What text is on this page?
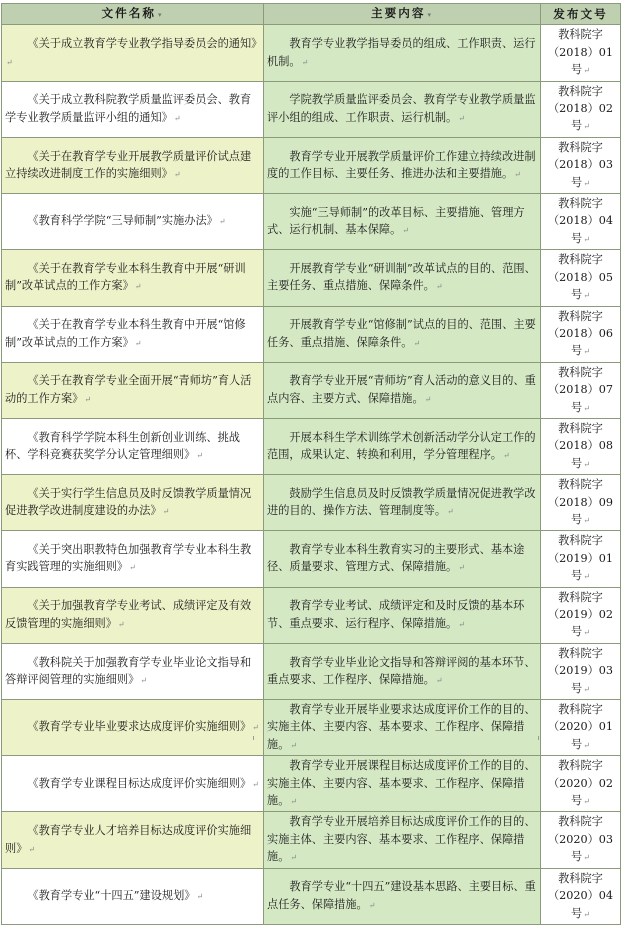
文件名称 ▾	主要内容 ▾	发布文号
《关于成立教育学专业教学指导委员会的通知》↵	教育学专业教学指导委员的组成、工作职责、运行机制。↵	教科院字（2018）01号↵
《关于成立教科院教学质量监评委员会、教育学专业教学质量监评小组的通知》↵	学院教学质量监评委员会、教育学专业教学质量监评小组的组成、工作职责、运行机制。↵	教科院字（2018）02号↵
《关于在教育学专业开展教学质量评价试点建立持续改进制度工作的实施细则》↵	教育学专业开展教学质量评价工作建立持续改进制度的工作目标、主要任务、推进办法和主要措施。↵	教科院字（2018）03号↵
《教育科学学院“三导师制”实施办法》↵	实施“三导师制”的改革目标、主要措施、管理方式、运行机制、基本保障。↵	教科院字（2018）04号↵
《关于在教育学专业本科生教育中开展“研训制”改革试点的工作方案》↵	开展教育学专业“研训制”改革试点的目的、范围、主要任务、重点措施、保障条件。↵	教科院字（2018）05号↵
《关于在教育学专业本科生教育中开展“馆修制”改革试点的工作方案》↵	开展教育学专业“馆修制”试点的目的、范围、主要任务、重点措施、保障条件。↵	教科院字（2018）06号↵
《关于在教育学专业全面开展“青师坊”育人活动的工作方案》↵	教育学专业开展“青师坊”育人活动的意义目的、重点内容、主要方式、保障措施。↵	教科院字（2018）07号↵
《教育科学学院本科生创新创业训练、挑战杯、学科竞赛获奖学分认定管理细则》↵	开展本科生学术训练学术创新活动学分认定工作的范围，成果认定、转换和利用，学分管理程序。↵	教科院字（2018）08号↵
《关于实行学生信息员及时反馈教学质量情况促进教学改进制度建设的办法》↵	鼓励学生信息员及时反馈教学质量情况促进教学改进的目的、操作方法、管理制度等。↵	教科院字（2018）09号↵
《关于突出职教特色加强教育学专业本科生教育实践管理的实施细则》↵	教育学专业本科生教育实习的主要形式、基本途径、质量要求、管理方式、保障措施。↵	教科院字（2019）01号↵
《关于加强教育学专业考试、成绩评定及有效反馈管理的实施细则》↵	教育学专业考试、成绩评定和及时反馈的基本环节、重点要求、运行程序、保障措施。↵	教科院字（2019）02号↵
《教科院关于加强教育学专业毕业论文指导和答辩评阅管理的实施细则》↵	教育学专业毕业论文指导和答辩评阅的基本环节、重点要求、工作程序、保障措施。↵	教科院字（2019）03号↵
《教育学专业毕业要求达成度评价实施细则》↵	教育学专业开展毕业要求达成度评价工作的目的、实施主体、主要内容、基本要求、工作程序、保障措施。↵	教科院字（2020）01号↵
《教育学专业课程目标达成度评价实施细则》↵	教育学专业开展课程目标达成度评价工作的目的、实施主体、主要内容、基本要求、工作程序、保障措施。↵	教科院字（2020）02号↵
《教育学专业人才培养目标达成度评价实施细则》↵	教育学专业开展培养目标达成度评价工作的目的、实施主体、主要内容、基本要求、工作程序、保障措施。↵	教科院字（2020）03号↵
《教育学专业“十四五”建设规划》↵	教育学专业“十四五”建设基本思路、主要目标、重点任务、保障措施。↵	教科院字（2020）04号↵
